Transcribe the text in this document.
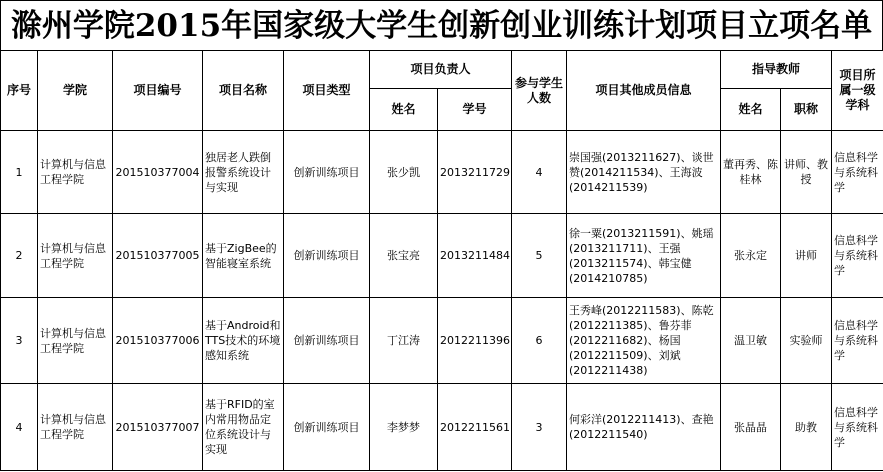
滁州学院2015年国家级大学生创新创业训练计划项目立项名单
序号	学院	项目编号	项目名称	项目类型	项目负责人		参与学生人数	项目其他成员信息	指导教师		项目所属一级学科
					姓名	学号			姓名	职称	
1	计算机与信息工程学院	201510377004	独居老人跌倒报警系统设计与实现	创新训练项目	张少凯	2013211729	4	崇国强(2013211627)、谈世赞(2014211534)、王海波(2014211539)	董再秀、陈桂林	讲师、教授	信息科学与系统科学
2	计算机与信息工程学院	201510377005	基于ZigBee的智能寝室系统	创新训练项目	张宝亮	2013211484	5	徐一粟(2013211591)、姚瑶(2013211711)、王强(2013211574)、韩宝健(2014210785)	张永定	讲师	信息科学与系统科学
3	计算机与信息工程学院	201510377006	基于Android和TTS技术的环境感知系统	创新训练项目	丁江涛	2012211396	6	王秀峰(2012211583)、陈乾(2012211385)、鲁芬菲(2012211682)、杨国(2012211509)、刘斌(2012211438)	温卫敏	实验师	信息科学与系统科学
4	计算机与信息工程学院	201510377007	基于RFID的室内常用物品定位系统设计与实现	创新训练项目	李梦梦	2012211561	3	何彩洋(2012211413)、查艳(2012211540)	张晶晶	助教	信息科学与系统科学
